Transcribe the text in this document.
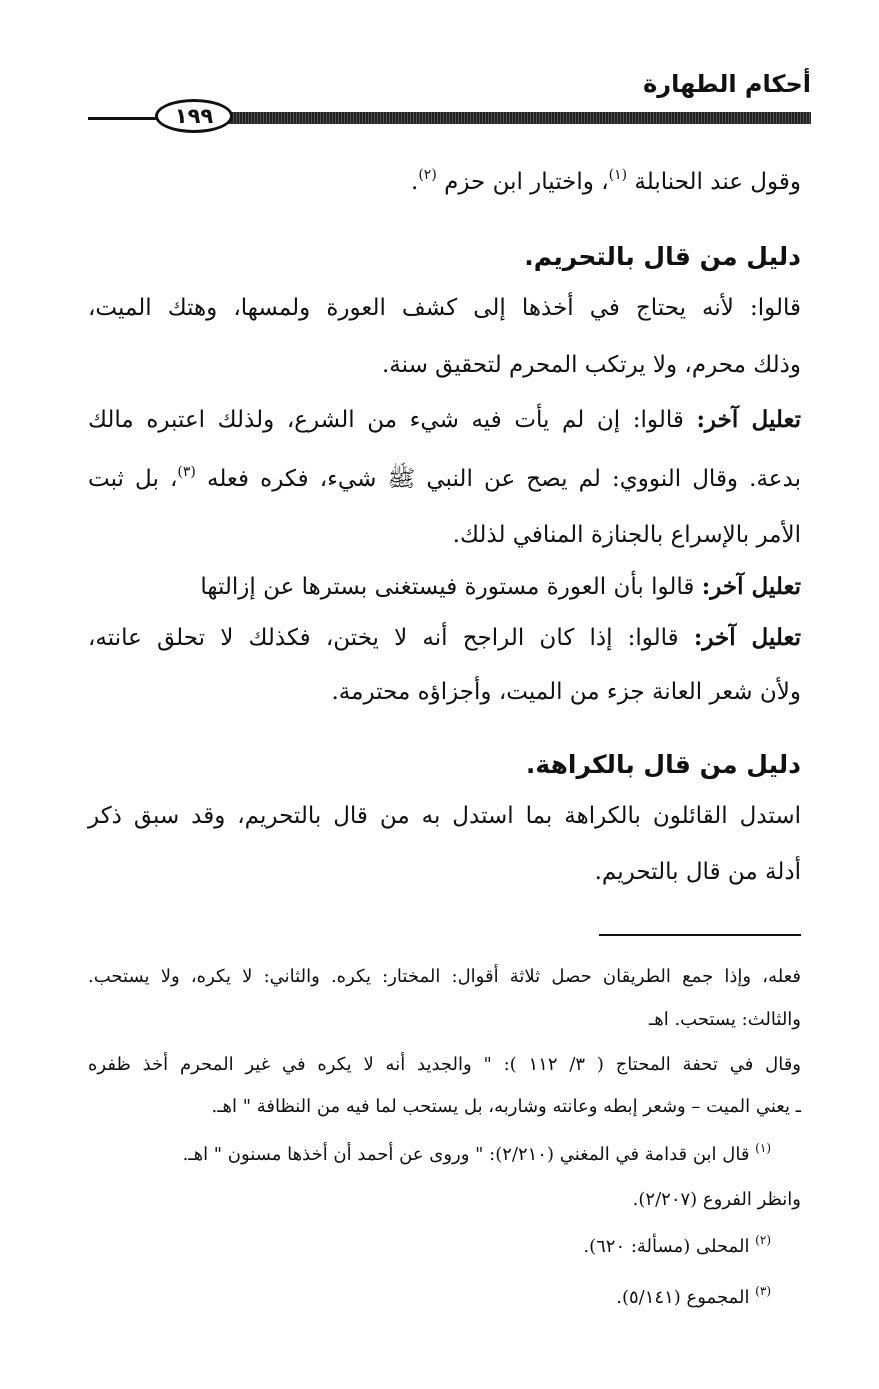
أحكام الطهارة

١٩٩

وقول عند الحنابلة $^{(١)}$، واختيار ابن حزم $^{(٢)}$.

دليل من قال بالتحريم.

قالوا: لأنه يحتاج في أخذها إلى كشف العورة ولمسها، وهتك الميت،

وذلك محرم، ولا يرتكب المحرم لتحقيق سنة.

تعليل آخر: قالوا: إن لم يأت فيه شيء من الشرع، ولذلك اعتبره مالك

بدعة. وقال النووي: لم يصح عن النبي ﷺ شيء، فكره فعله $^{(٣)}$، بل ثبت

الأمر بالإسراع بالجنازة المنافي لذلك.

تعليل آخر: قالوا بأن العورة مستورة فيستغنى بسترها عن إزالتها

تعليل آخر: قالوا: إذا كان الراجح أنه لا يختن، فكذلك لا تحلق عانته،

ولأن شعر العانة جزء من الميت، وأجزاؤه محترمة.

دليل من قال بالكراهة.

استدل القائلون بالكراهة بما استدل به من قال بالتحريم، وقد سبق ذكر

أدلة من قال بالتحريم.

فعله، وإذا جمع الطريقان حصل ثلاثة أقوال: المختار: يكره. والثاني: لا يكره، ولا يستحب.

والثالث: يستحب. اهـ

وقال في تحفة المحتاج ( ٣/ ١١٢ ): " والجديد أنه لا يكره في غير المحرم أخذ ظفره

ـ يعني الميت – وشعر إبطه وعانته وشاربه، بل يستحب لما فيه من النظافة " اهـ.

$^{(١)}$ قال ابن قدامة في المغني (٢/٢١٠): " وروى عن أحمد أن أخذها مسنون " اهـ.

وانظر الفروع (٢/٢٠٧).

$^{(٢)}$ المحلى (مسألة: ٦٢٠).

$^{(٣)}$ المجموع (٥/١٤١).
